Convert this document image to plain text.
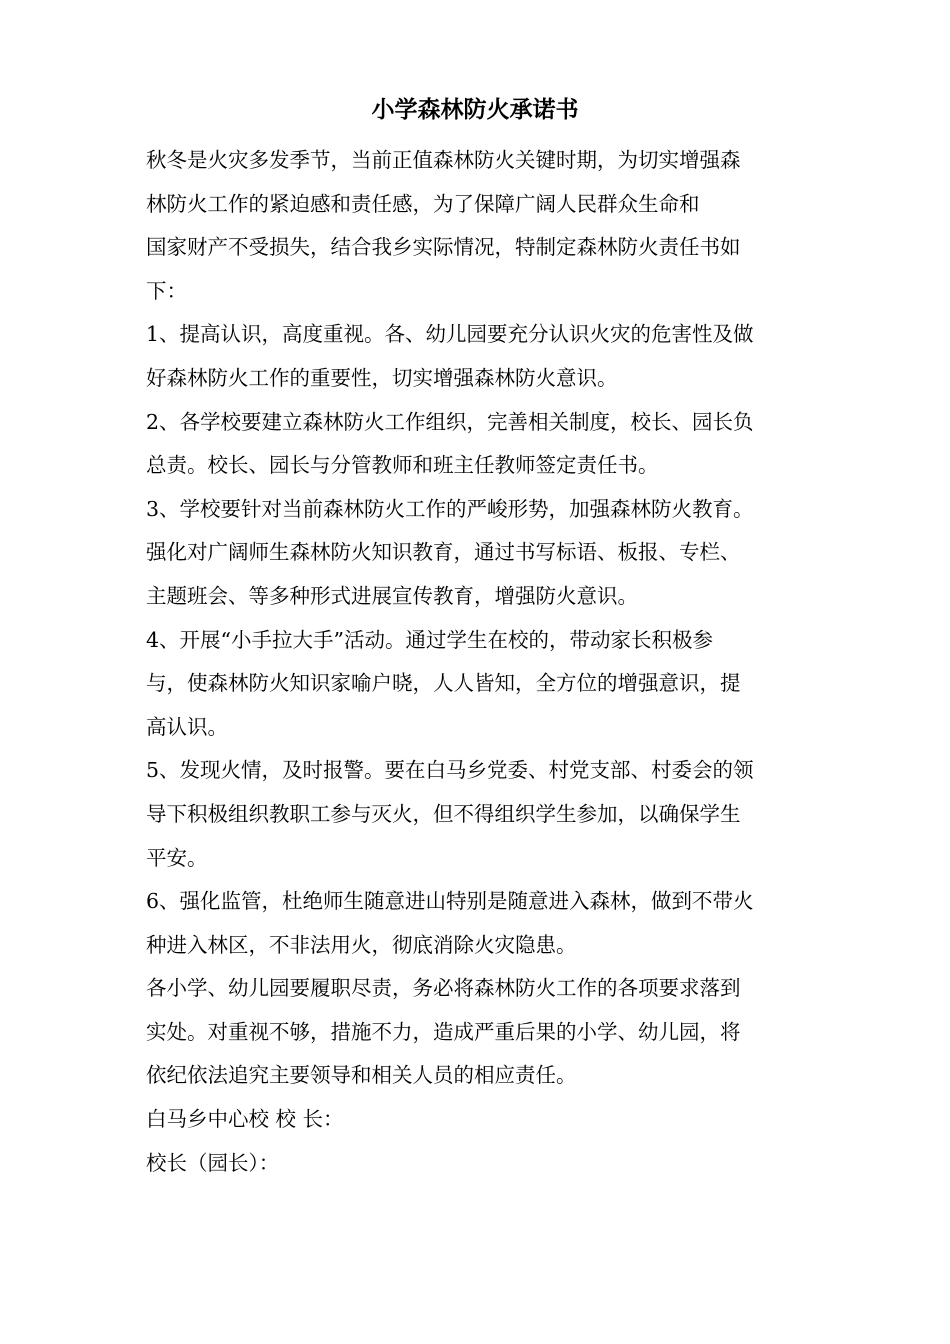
小学森林防火承诺书

秋冬是火灾多发季节，当前正值森林防火关键时期，为切实增强森
林防火工作的紧迫感和责任感，为了保障广阔人民群众生命和
国家财产不受损失，结合我乡实际情况，特制定森林防火责任书如
下：

1、提高认识，高度重视。各、幼儿园要充分认识火灾的危害性及做
好森林防火工作的重要性，切实增强森林防火意识。

2、各学校要建立森林防火工作组织，完善相关制度，校长、园长负
总责。校长、园长与分管教师和班主任教师签定责任书。

3、学校要针对当前森林防火工作的严峻形势，加强森林防火教育。
强化对广阔师生森林防火知识教育，通过书写标语、板报、专栏、
主题班会、等多种形式进展宣传教育，增强防火意识。

4、开展“小手拉大手”活动。通过学生在校的，带动家长积极参
与，使森林防火知识家喻户晓，人人皆知，全方位的增强意识，提
高认识。

5、发现火情，及时报警。要在白马乡党委、村党支部、村委会的领
导下积极组织教职工参与灭火，但不得组织学生参加，以确保学生
平安。

6、强化监管，杜绝师生随意进山特别是随意进入森林，做到不带火
种进入林区，不非法用火，彻底消除火灾隐患。

各小学、幼儿园要履职尽责，务必将森林防火工作的各项要求落到
实处。对重视不够，措施不力，造成严重后果的小学、幼儿园，将
依纪依法追究主要领导和相关人员的相应责任。

白马乡中心校 校 长：

校长（园长）：
